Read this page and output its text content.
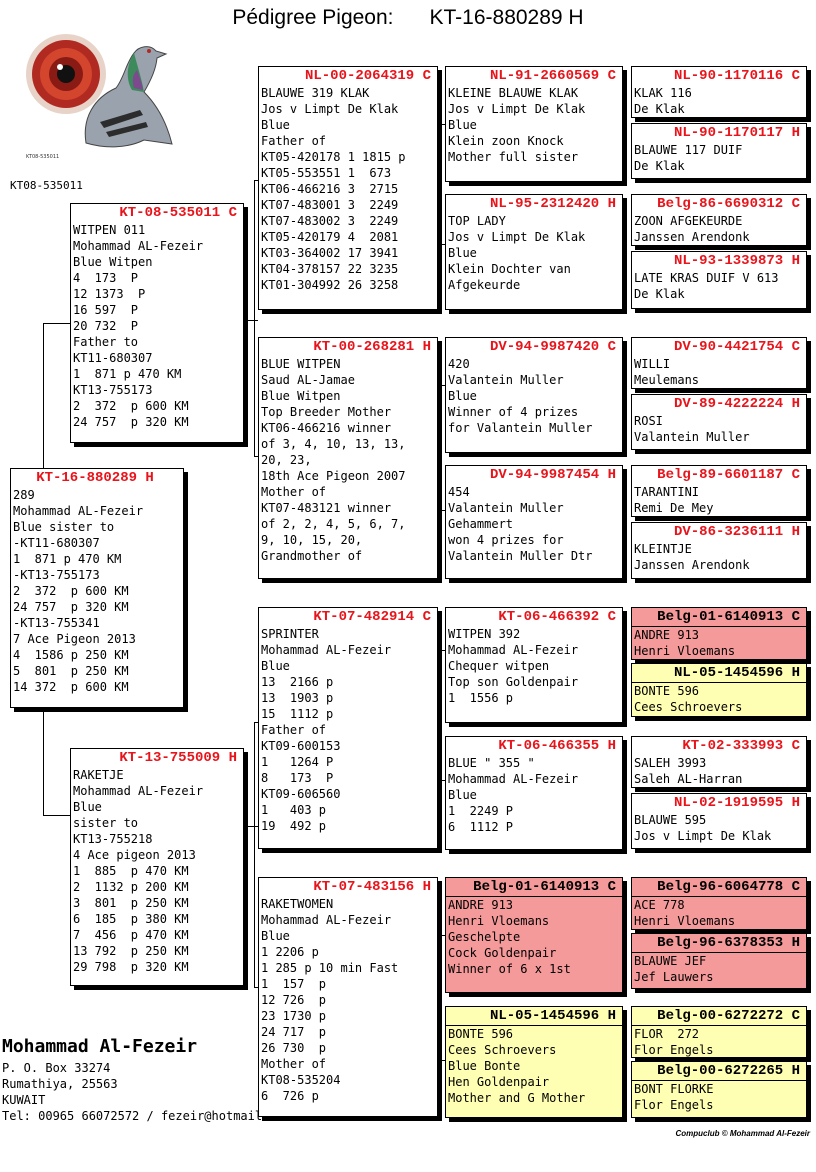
Pédigree Pigeon: KT-16-880289 H
KT08-535011
KT08-535011
KT-16-880289 H
289
Mohammad AL-Fezeir
Blue sister to
-KT11-680307
1  871 p 470 KM
-KT13-755173
2  372  p 600 KM
24 757  p 320 KM
-KT13-755341
7 Ace Pigeon 2013
4  1586 p 250 KM
5  801  p 250 KM
14 372  p 600 KM
KT-08-535011 C
WITPEN 011
Mohammad AL-Fezeir
Blue Witpen
4  173  P
12 1373  P
16 597  P
20 732  P
Father to
KT11-680307
1  871 p 470 KM
KT13-755173
2  372  p 600 KM
24 757  p 320 KM
KT-13-755009 H
RAKETJE
Mohammad AL-Fezeir
Blue
sister to
KT13-755218
4 Ace pigeon 2013
1  885  p 470 KM
2  1132 p 200 KM
3  801  p 250 KM
6  185  p 380 KM
7  456  p 470 KM
13 792  p 250 KM
29 798  p 320 KM
NL-00-2064319 C
BLAUWE 319 KLAK
Jos v Limpt De Klak
Blue
Father of
KT05-420178 1 1815 p
KT05-553551 1  673
KT06-466216 3  2715
KT07-483001 3  2249
KT07-483002 3  2249
KT05-420179 4  2081
KT03-364002 17 3941
KT04-378157 22 3235
KT01-304992 26 3258
KT-00-268281 H
BLUE WITPEN
Saud AL-Jamae
Blue Witpen
Top Breeder Mother
KT06-466216 winner
of 3, 4, 10, 13, 13,
20, 23,
18th Ace Pigeon 2007
Mother of
KT07-483121 winner
of 2, 2, 4, 5, 6, 7,
9, 10, 15, 20,
Grandmother of
KT-07-482914 C
SPRINTER
Mohammad AL-Fezeir
Blue
13  2166 p
13  1903 p
15  1112 p
Father of
KT09-600153
1   1264 P
8   173  P
KT09-606560
1   403 p
19  492 p
KT-07-483156 H
RAKETWOMEN
Mohammad AL-Fezeir
Blue
1 2206 p
1 285 p 10 min Fast
1  157  p
12 726  p
23 1730 p
24 717  p
26 730  p
Mother of
KT08-535204
6  726 p
NL-91-2660569 C
KLEINE BLAUWE KLAK
Jos v Limpt De Klak
Blue
Klein zoon Knock
Mother full sister
NL-95-2312420 H
TOP LADY
Jos v Limpt De Klak
Blue
Klein Dochter van
Afgekeurde
DV-94-9987420 C
420
Valantein Muller
Blue
Winner of 4 prizes
for Valantein Muller
DV-94-9987454 H
454
Valantein Muller
Gehammert
won 4 prizes for
Valantein Muller Dtr
KT-06-466392 C
WITPEN 392
Mohammad AL-Fezeir
Chequer witpen
Top son Goldenpair
1  1556 p
KT-06-466355 H
BLUE " 355 "
Mohammad AL-Fezeir
Blue
1  2249 P
6  1112 P
Belg-01-6140913 C
ANDRE 913
Henri Vloemans
Geschelpte
Cock Goldenpair
Winner of 6 x 1st
NL-05-1454596 H
BONTE 596
Cees Schroevers
Blue Bonte
Hen Goldenpair
Mother and G Mother
NL-90-1170116 C
KLAK 116
De Klak
NL-90-1170117 H
BLAUWE 117 DUIF
De Klak
Belg-86-6690312 C
ZOON AFGEKEURDE
Janssen Arendonk
NL-93-1339873 H
LATE KRAS DUIF V 613
De Klak
DV-90-4421754 C
WILLI
Meulemans
DV-89-4222224 H
ROSI
Valantein Muller
Belg-89-6601187 C
TARANTINI
Remi De Mey
DV-86-3236111 H
KLEINTJE
Janssen Arendonk
Belg-01-6140913 C
ANDRE 913
Henri Vloemans
NL-05-1454596 H
BONTE 596
Cees Schroevers
KT-02-333993 C
SALEH 3993
Saleh AL-Harran
NL-02-1919595 H
BLAUWE 595
Jos v Limpt De Klak
Belg-96-6064778 C
ACE 778
Henri Vloemans
Belg-96-6378353 H
BLAUWE JEF
Jef Lauwers
Belg-00-6272272 C
FLOR  272
Flor Engels
Belg-00-6272265 H
BONT FLORKE
Flor Engels
Mohammad Al-Fezeir
P. O. Box 33274
Rumathiya, 25563
KUWAIT
Tel: 00965 66072572 / fezeir@hotmail.
Compuclub © Mohammad Al-Fezeir
